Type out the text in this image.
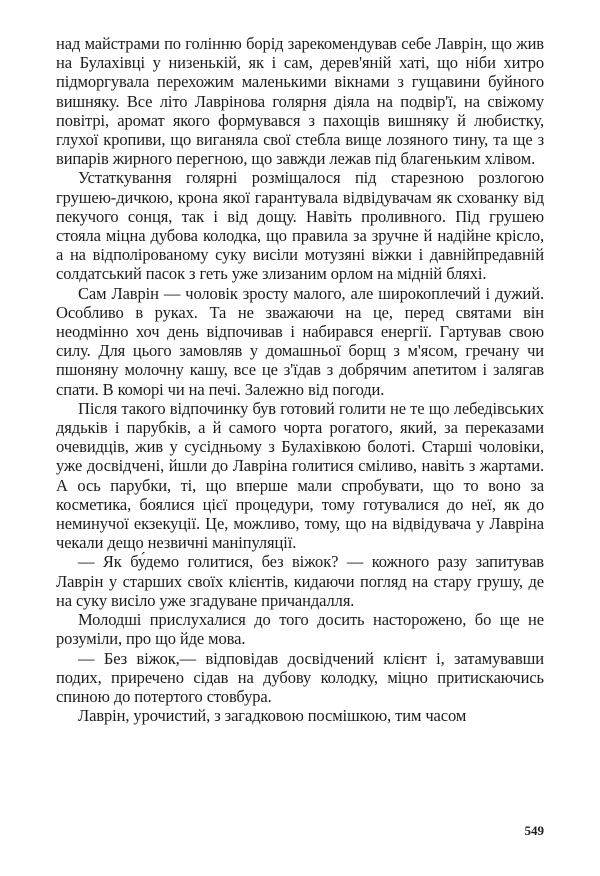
над майстрами по голінню борід зарекомендував себе Лаврін, що жив на Булахівці у низенькій, як і сам, дерев'яній хаті, що ніби хитро підморгувала перехожим маленькими вікнами з гущавини буйного вишняку. Все літо Лаврінова голярня діяла на подвір'ї, на свіжому повітрі, аромат якого формувався з пахощів вишняку й любистку, глухої кропиви, що виганяла свої стебла вище лозяного тину, та ще з випарів жирного перегною, що завжди лежав під благеньким хлівом.

Устаткування голярні розміщалося під старезною розлогою грушею-дичкою, крона якої гарантувала відвідувачам як схованку від пекучого сонця, так і від дощу. Навіть проливного. Під грушею стояла міцна дубова колодка, що правила за зручне й надійне крісло, а на відполірованому суку висіли мотузяні віжки і давнійпредавній солдатський пасок з геть уже злизаним орлом на мідній бляхі.

Сам Лаврін — чоловік зросту малого, але широкоплечий і дужий. Особливо в руках. Та не зважаючи на це, перед святами він неодмінно хоч день відпочивав і набирався енергії. Гартував свою силу. Для цього замовляв у домашньої борщ з м'ясом, гречану чи пшоняну молочну кашу, все це з'їдав з добрячим апетитом і залягав спати. В коморі чи на печі. Залежно від погоди.

Після такого відпочинку був готовий голити не те що лебедівських дядьків і парубків, а й самого чорта рогатого, який, за переказами очевидців, жив у сусідньому з Булахівкою болоті. Старші чоловіки, уже досвідчені, йшли до Лавріна голитися сміливо, навіть з жартами. А ось парубки, ті, що вперше мали спробувати, що то воно за косметика, боялися цієї процедури, тому готувалися до неї, як до неминучої екзекуції. Це, можливо, тому, що на відвідувача у Лавріна чекали дещо незвичні маніпуляції.

— Як бу́демо голитися, без віжок? — кожного разу запитував Лаврін у старших своїх клієнтів, кидаючи погляд на стару грушу, де на суку висіло уже згадуване причандалля.

Молодші прислухалися до того досить насторожено, бо ще не розуміли, про що йде мова.

— Без віжок,— відповідав досвідчений клієнт і, затамувавши подих, приречено сідав на дубову колодку, міцно притискаючись спиною до потертого стовбура.

Лаврін, урочистий, з загадковою посмішкою, тим часом

549
